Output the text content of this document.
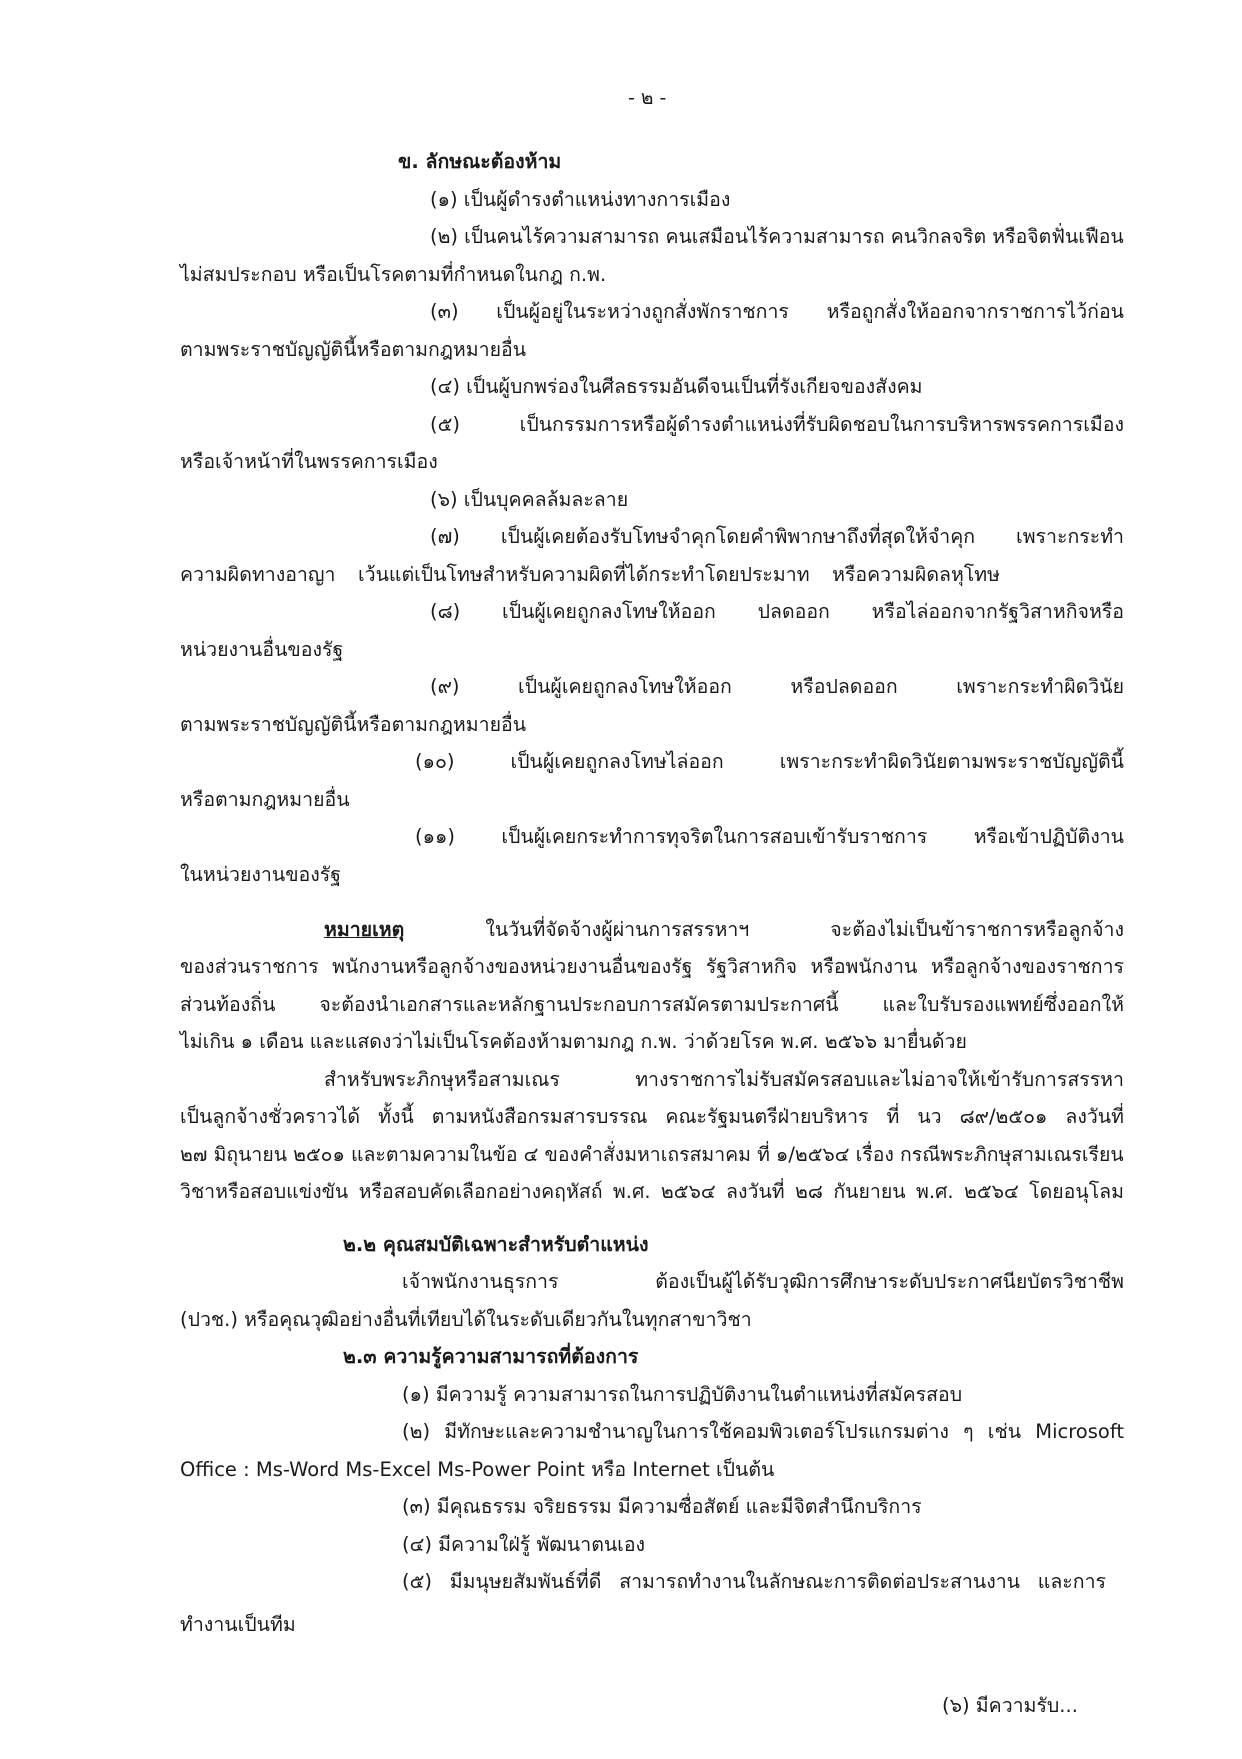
- ๒ -
ข. ลักษณะต้องห้าม
(๑) เป็นผู้ดำรงตำแหน่งทางการเมือง
(๒) เป็นคนไร้ความสามารถ คนเสมือนไร้ความสามารถ คนวิกลจริต หรือจิตฟั่นเฟือน
ไม่สมประกอบ หรือเป็นโรคตามที่กำหนดในกฎ ก.พ.
(๓) เป็นผู้อยู่ในระหว่างถูกสั่งพักราชการ หรือถูกสั่งให้ออกจากราชการไว้ก่อน
ตามพระราชบัญญัตินี้หรือตามกฎหมายอื่น
(๔) เป็นผู้บกพร่องในศีลธรรมอันดีจนเป็นที่รังเกียจของสังคม
(๕) เป็นกรรมการหรือผู้ดำรงตำแหน่งที่รับผิดชอบในการบริหารพรรคการเมือง
หรือเจ้าหน้าที่ในพรรคการเมือง
(๖) เป็นบุคคลล้มละลาย
(๗) เป็นผู้เคยต้องรับโทษจำคุกโดยคำพิพากษาถึงที่สุดให้จำคุก เพราะกระทำ
ความผิดทางอาญา เว้นแต่เป็นโทษสำหรับความผิดที่ได้กระทำโดยประมาท หรือความผิดลหุโทษ
(๘) เป็นผู้เคยถูกลงโทษให้ออก ปลดออก หรือไล่ออกจากรัฐวิสาหกิจหรือ
หน่วยงานอื่นของรัฐ
(๙) เป็นผู้เคยถูกลงโทษให้ออก หรือปลดออก เพราะกระทำผิดวินัย
ตามพระราชบัญญัตินี้หรือตามกฎหมายอื่น
(๑๐) เป็นผู้เคยถูกลงโทษไล่ออก เพราะกระทำผิดวินัยตามพระราชบัญญัตินี้
หรือตามกฎหมายอื่น
(๑๑) เป็นผู้เคยกระทำการทุจริตในการสอบเข้ารับราชการ หรือเข้าปฏิบัติงาน
ในหน่วยงานของรัฐ
หมายเหตุ ในวันที่จัดจ้างผู้ผ่านการสรรหาฯ จะต้องไม่เป็นข้าราชการหรือลูกจ้าง
ของส่วนราชการ พนักงานหรือลูกจ้างของหน่วยงานอื่นของรัฐ รัฐวิสาหกิจ หรือพนักงาน หรือลูกจ้างของราชการ
ส่วนท้องถิ่น จะต้องนำเอกสารและหลักฐานประกอบการสมัครตามประกาศนี้ และใบรับรองแพทย์ซึ่งออกให้
ไม่เกิน ๑ เดือน และแสดงว่าไม่เป็นโรคต้องห้ามตามกฎ ก.พ. ว่าด้วยโรค พ.ศ. ๒๕๖๖ มายื่นด้วย
สำหรับพระภิกษุหรือสามเณร ทางราชการไม่รับสมัครสอบและไม่อาจให้เข้ารับการสรรหา
เป็นลูกจ้างชั่วคราวได้ ทั้งนี้ ตามหนังสือกรมสารบรรณ คณะรัฐมนตรีฝ่ายบริหาร ที่ นว ๘๙/๒๕๐๑ ลงวันที่
๒๗ มิถุนายน ๒๕๐๑ และตามความในข้อ ๔ ของคำสั่งมหาเถรสมาคม ที่ ๑/๒๕๖๔ เรื่อง กรณีพระภิกษุสามเณรเรียน
วิชาหรือสอบแข่งขัน หรือสอบคัดเลือกอย่างคฤหัสถ์ พ.ศ. ๒๕๖๔ ลงวันที่ ๒๘ กันยายน พ.ศ. ๒๕๖๔ โดยอนุโลม
๒.๒ คุณสมบัติเฉพาะสำหรับตำแหน่ง
เจ้าพนักงานธุรการ ต้องเป็นผู้ได้รับวุฒิการศึกษาระดับประกาศนียบัตรวิชาชีพ
(ปวช.) หรือคุณวุฒิอย่างอื่นที่เทียบได้ในระดับเดียวกันในทุกสาขาวิชา
๒.๓ ความรู้ความสามารถที่ต้องการ
(๑) มีความรู้ ความสามารถในการปฏิบัติงานในตำแหน่งที่สมัครสอบ
(๒) มีทักษะและความชำนาญในการใช้คอมพิวเตอร์โปรแกรมต่าง ๆ เช่น Microsoft
Office : Ms-Word Ms-Excel Ms-Power Point หรือ Internet เป็นต้น
(๓) มีคุณธรรม จริยธรรม มีความซื่อสัตย์ และมีจิตสำนึกบริการ
(๔) มีความใฝ่รู้ พัฒนาตนเอง
(๕) มีมนุษยสัมพันธ์ที่ดี สามารถทำงานในลักษณะการติดต่อประสานงาน และการ
ทำงานเป็นทีม
(๖) มีความรับ...
